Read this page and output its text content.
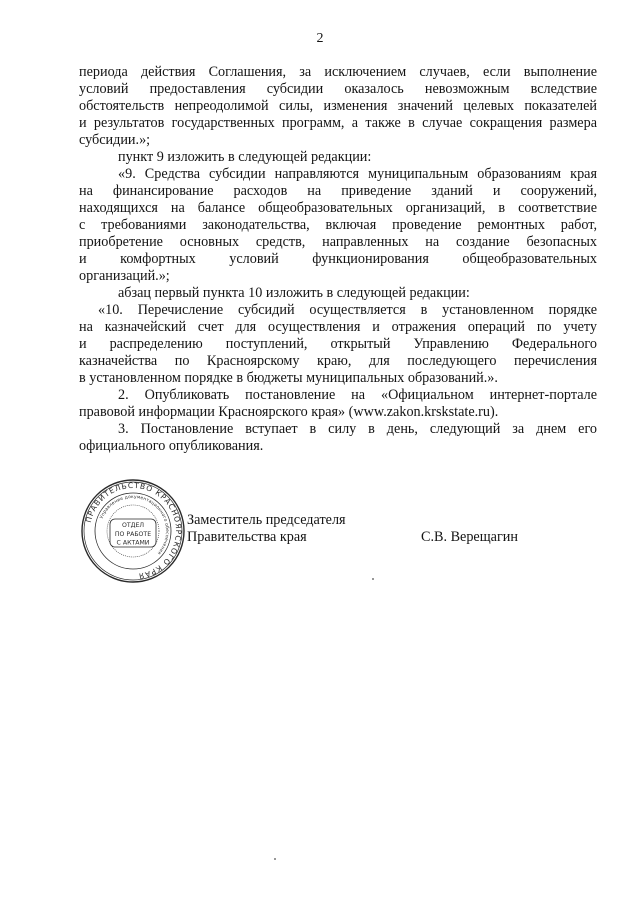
2
периода действия Соглашения, за исключением случаев, если выполнение
условий предоставления субсидии оказалось невозможным вследствие
обстоятельств непреодолимой силы, изменения значений целевых показателей
и результатов государственных программ, а также в случае сокращения размера
субсидии.»;
пункт 9 изложить в следующей редакции:
«9. Средства субсидии направляются муниципальным образованиям края
на финансирование расходов на приведение зданий и сооружений,
находящихся на балансе общеобразовательных организаций, в соответствие
с требованиями законодательства, включая проведение ремонтных работ,
приобретение основных средств, направленных на создание безопасных
и комфортных условий функционирования общеобразовательных
организаций.»;
абзац первый пункта 10 изложить в следующей редакции:
«10. Перечисление субсидий осуществляется в установленном порядке
на казначейский счет для осуществления и отражения операций по учету
и распределению поступлений, открытый Управлению Федерального
казначейства по Красноярскому краю, для последующего перечисления
в установленном порядке в бюджеты муниципальных образований.».
2. Опубликовать постановление на «Официальном интернет-портале
правовой информации Красноярского края» (www.zakon.krskstate.ru).
3. Постановление вступает в силу в день, следующий за днем его
официального опубликования.
ПРАВИТЕЛЬСТВО КРАСНОЯРСКОГО КРАЯ
Управление документационного обеспечения
ОТДЕЛ
ПО РАБОТЕ
С АКТАМИ
Заместитель председателя
Правительства края	С.В. Верещагин
